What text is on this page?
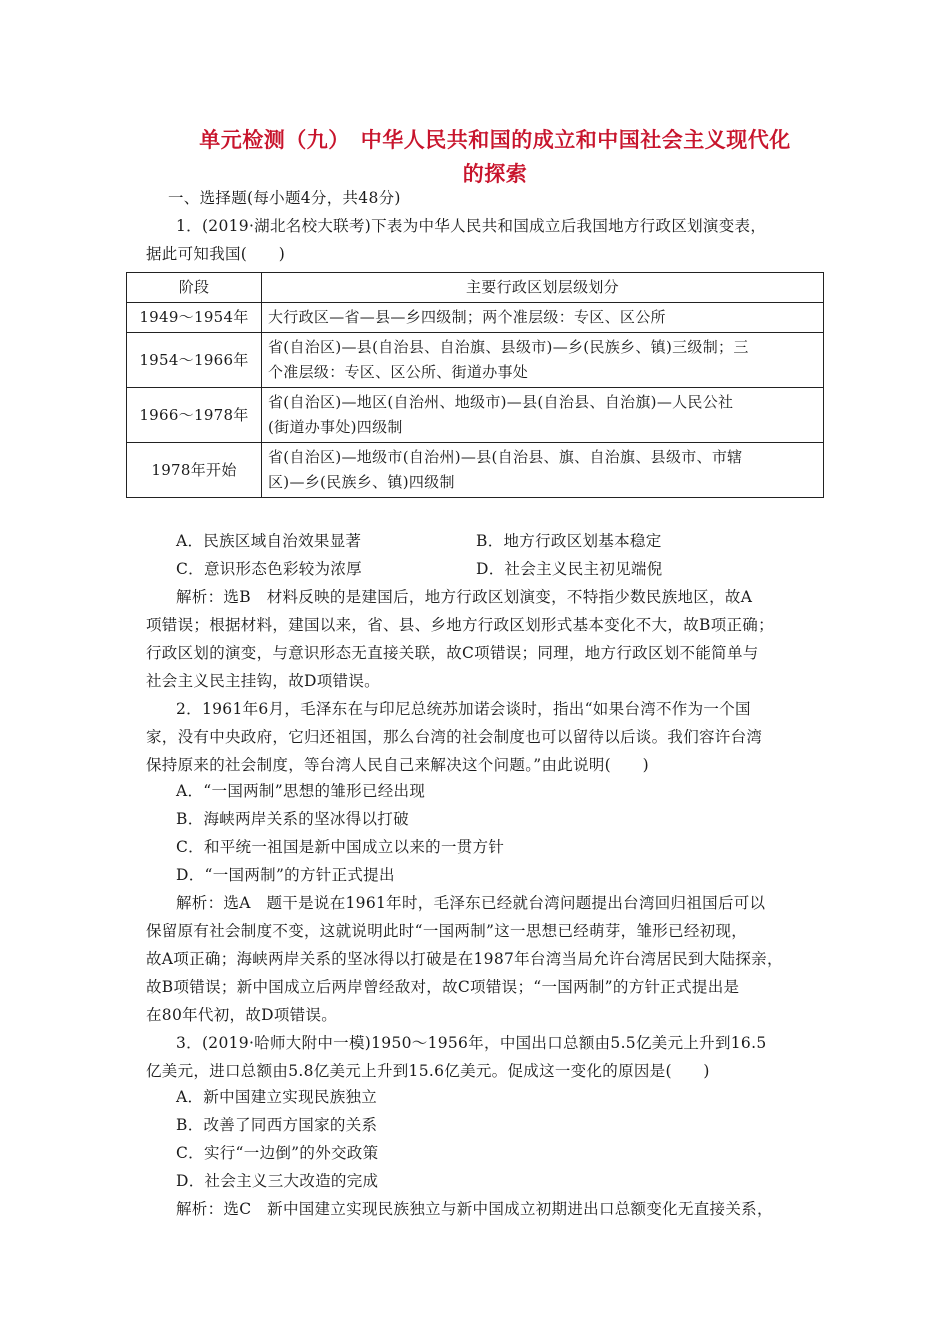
单元检测（九）　中华人民共和国的成立和中国社会主义现代化
的探索
一、选择题(每小题4分，共48分)
1．(2019·湖北名校大联考)下表为中华人民共和国成立后我国地方行政区划演变表，
据此可知我国(　　)
阶段	主要行政区划层级划分
1949～1954年	大行政区—省—县—乡四级制；两个准层级：专区、区公所

1954～1966年	省(自治区)—县(自治县、自治旗、县级市)—乡(民族乡、镇)三级制；三
个准层级：专区、区公所、街道办事处

1966～1978年	省(自治区)—地区(自治州、地级市)—县(自治县、自治旗)—人民公社
(街道办事处)四级制

1978年开始	省(自治区)—地级市(自治州)—县(自治县、旗、自治旗、县级市、市辖
区)—乡(民族乡、镇)四级制
A．民族区域自治效果显著	B．地方行政区划基本稳定
C．意识形态色彩较为浓厚	D．社会主义民主初见端倪
解析：选B　材料反映的是建国后，地方行政区划演变，不特指少数民族地区，故A
项错误；根据材料，建国以来，省、县、乡地方行政区划形式基本变化不大，故B项正确；
行政区划的演变，与意识形态无直接关联，故C项错误；同理，地方行政区划不能简单与
社会主义民主挂钩，故D项错误。
2．1961年6月，毛泽东在与印尼总统苏加诺会谈时，指出“如果台湾不作为一个国
家，没有中央政府，它归还祖国，那么台湾的社会制度也可以留待以后谈。我们容许台湾
保持原来的社会制度，等台湾人民自己来解决这个问题。”由此说明(　　)
A．“一国两制”思想的雏形已经出现
B．海峡两岸关系的坚冰得以打破
C．和平统一祖国是新中国成立以来的一贯方针
D．“一国两制”的方针正式提出
解析：选A　题干是说在1961年时，毛泽东已经就台湾问题提出台湾回归祖国后可以
保留原有社会制度不变，这就说明此时“一国两制”这一思想已经萌芽，雏形已经初现，
故A项正确；海峡两岸关系的坚冰得以打破是在1987年台湾当局允许台湾居民到大陆探亲，
故B项错误；新中国成立后两岸曾经敌对，故C项错误；“一国两制”的方针正式提出是
在80年代初，故D项错误。
3．(2019·哈师大附中一模)1950～1956年，中国出口总额由5.5亿美元上升到16.5
亿美元，进口总额由5.8亿美元上升到15.6亿美元。促成这一变化的原因是(　　)
A．新中国建立实现民族独立
B．改善了同西方国家的关系
C．实行“一边倒”的外交政策
D．社会主义三大改造的完成
解析：选C　新中国建立实现民族独立与新中国成立初期进出口总额变化无直接关系，
